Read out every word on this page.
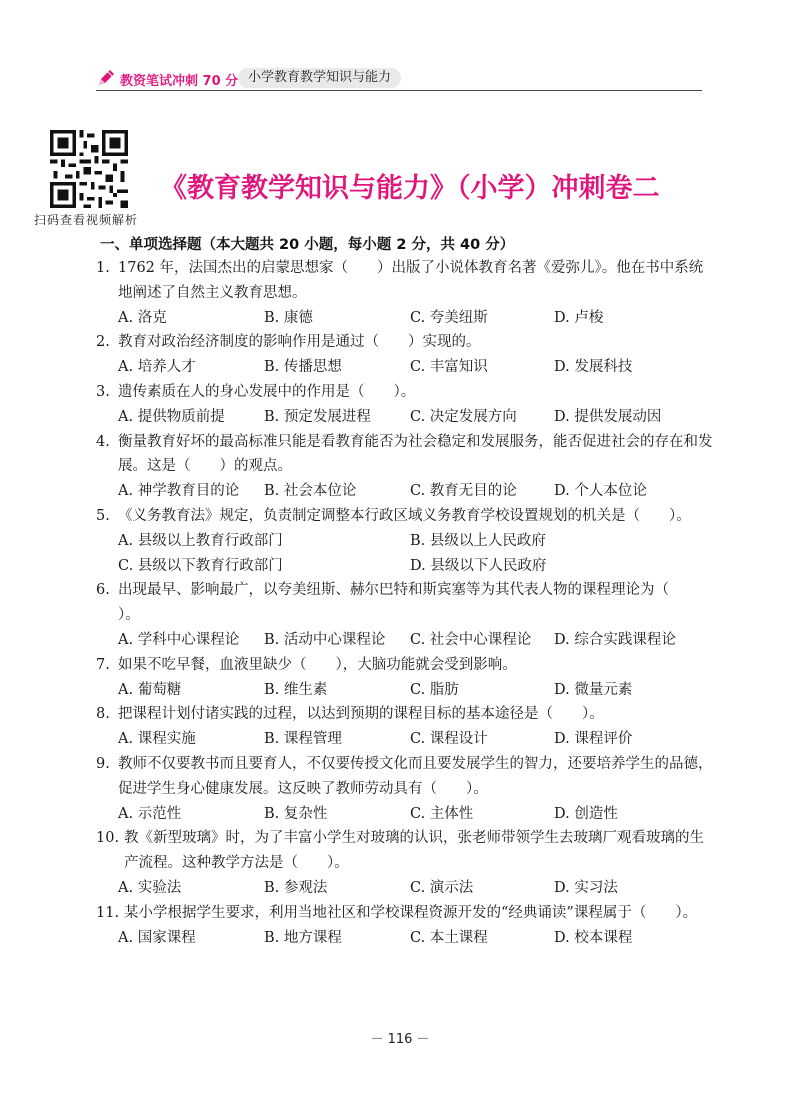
教资笔试冲刺 70 分 小学教育教学知识与能力
扫码查看视频解析
《教育教学知识与能力》（小学）冲刺卷二
一、单项选择题（本大题共 20 小题，每小题 2 分，共 40 分）
1. 1762 年，法国杰出的启蒙思想家（　　）出版了小说体教育名著《爱弥儿》。他在书中系统地阐述了自然主义教育思想。
A. 洛克	B. 康德	C. 夸美纽斯	D. 卢梭
2. 教育对政治经济制度的影响作用是通过（　　）实现的。
A. 培养人才	B. 传播思想	C. 丰富知识	D. 发展科技
3. 遗传素质在人的身心发展中的作用是（　　）。
A. 提供物质前提	B. 预定发展进程	C. 决定发展方向	D. 提供发展动因
4. 衡量教育好坏的最高标准只能是看教育能否为社会稳定和发展服务，能否促进社会的存在和发展。这是（　　）的观点。
A. 神学教育目的论 B. 社会本位论	C. 教育无目的论	D. 个人本位论
5. 《义务教育法》规定，负责制定调整本行政区域义务教育学校设置规划的机关是（　　）。
A. 县级以上教育行政部门	B. 县级以上人民政府
C. 县级以下教育行政部门	D. 县级以下人民政府
6. 出现最早、影响最广，以夸美纽斯、赫尔巴特和斯宾塞等为其代表人物的课程理论为（　　）。
A. 学科中心课程论 B. 活动中心课程论 C. 社会中心课程论 D. 综合实践课程论
7. 如果不吃早餐，血液里缺少（　　），大脑功能就会受到影响。
A. 葡萄糖	B. 维生素	C. 脂肪	D. 微量元素
8. 把课程计划付诸实践的过程，以达到预期的课程目标的基本途径是（　　）。
A. 课程实施	B. 课程管理	C. 课程设计	D. 课程评价
9. 教师不仅要教书而且要育人，不仅要传授文化而且要发展学生的智力，还要培养学生的品德，促进学生身心健康发展。这反映了教师劳动具有（　　）。
A. 示范性	B. 复杂性	C. 主体性	D. 创造性
10. 教《新型玻璃》时，为了丰富小学生对玻璃的认识，张老师带领学生去玻璃厂观看玻璃的生产流程。这种教学方法是（　　）。
A. 实验法	B. 参观法	C. 演示法	D. 实习法
11. 某小学根据学生要求，利用当地社区和学校课程资源开发的“经典诵读”课程属于（　　）。
A. 国家课程	B. 地方课程	C. 本土课程	D. 校本课程
－ 116 －
